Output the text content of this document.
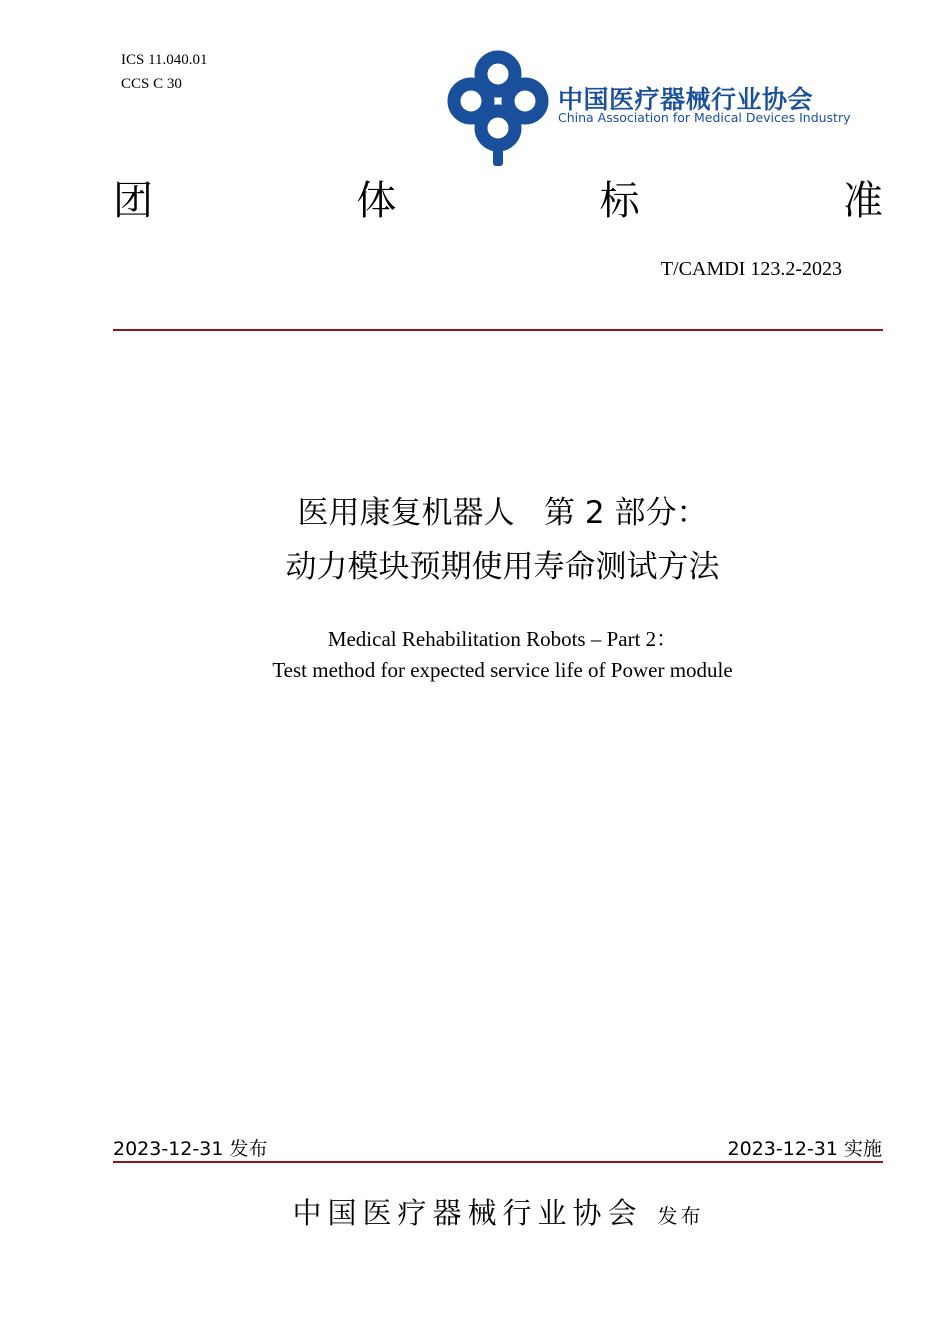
ICS 11.040.01
CCS C 30
中国医疗器械行业协会
China Association for Medical Devices Industry
团	体	标	准
T/CAMDI 123.2-2023
医用康复机器人   第 2 部分：
动力模块预期使用寿命测试方法
Medical Rehabilitation Robots – Part 2：
Test method for expected service life of Power module
2023-12-31 发布	2023-12-31 实施
中国医疗器械行业协会 发布
